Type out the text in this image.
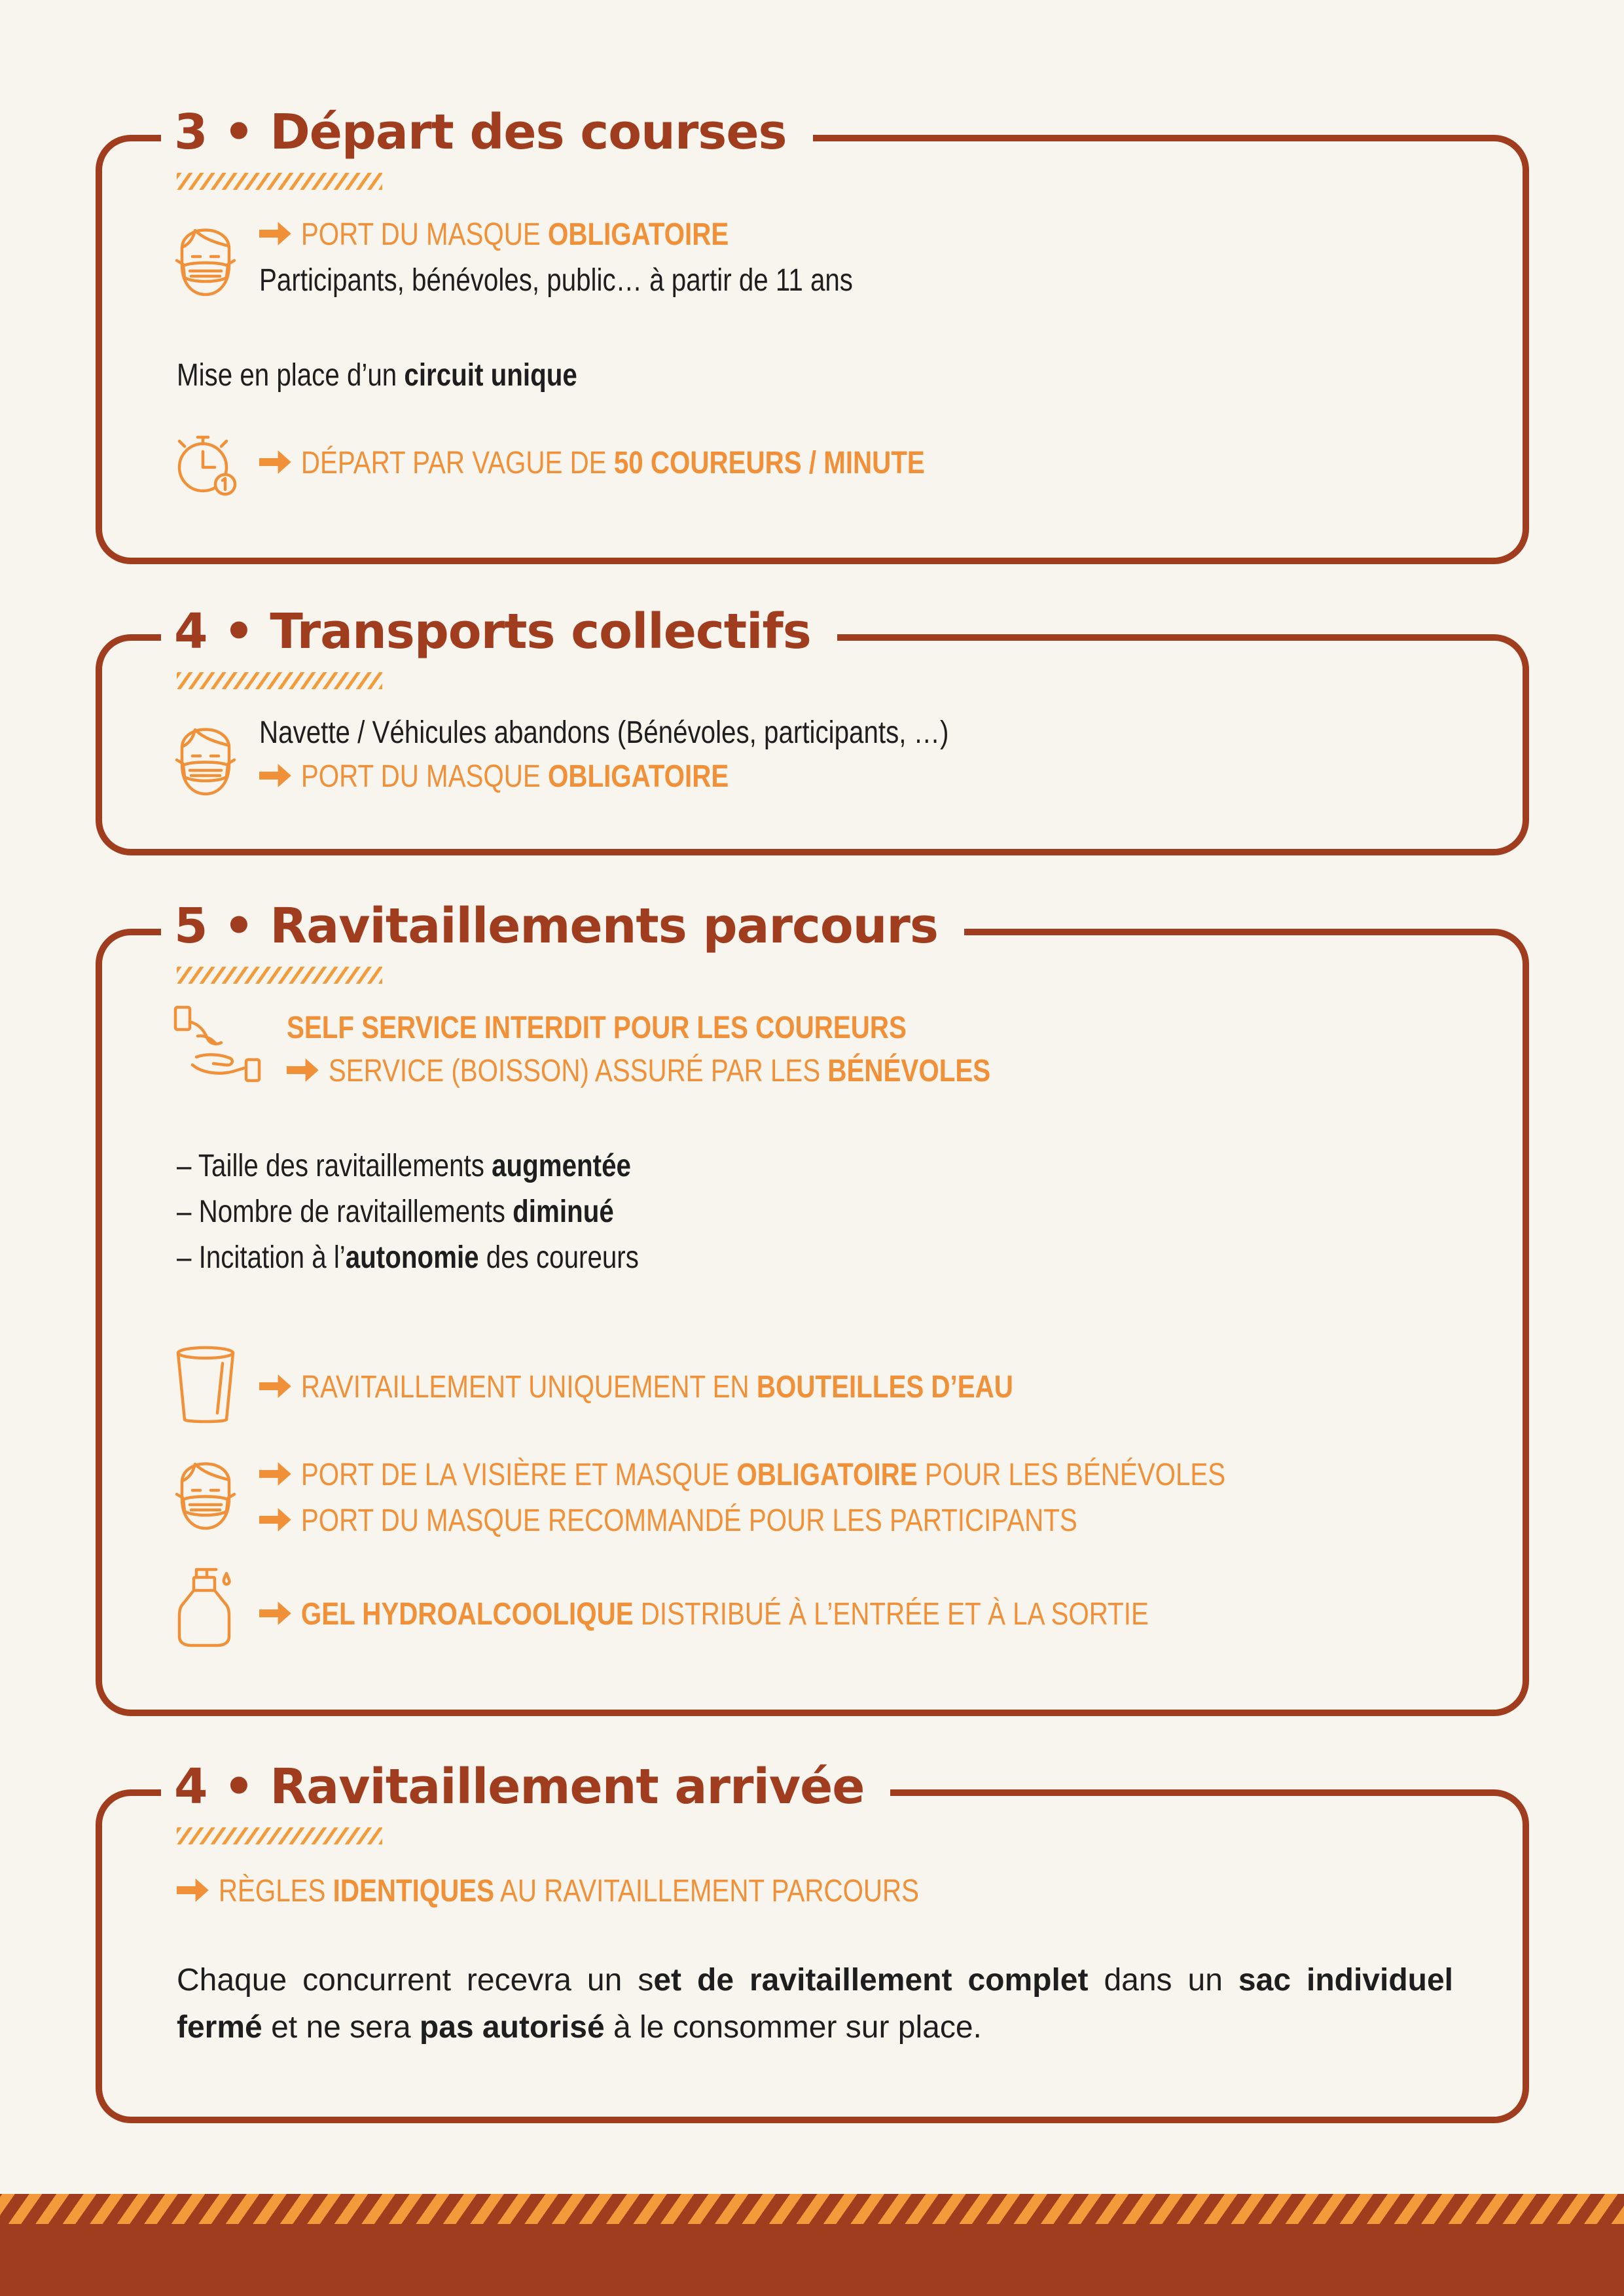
3 • Départ des courses
PORT DU MASQUE OBLIGATOIRE
Participants, bénévoles, public… à partir de 11 ans
Mise en place d’un circuit unique
DÉPART PAR VAGUE DE 50 COUREURS / MINUTE
4 • Transports collectifs
Navette / Véhicules abandons (Bénévoles, participants, …)
PORT DU MASQUE OBLIGATOIRE
5 • Ravitaillements parcours
SELF SERVICE INTERDIT POUR LES COUREURS
SERVICE (BOISSON) ASSURÉ PAR LES BÉNÉVOLES
– Taille des ravitaillements augmentée
– Nombre de ravitaillements diminué
– Incitation à l’autonomie des coureurs
RAVITAILLEMENT UNIQUEMENT EN BOUTEILLES D’EAU
PORT DE LA VISIÈRE ET MASQUE OBLIGATOIRE POUR LES BÉNÉVOLES
PORT DU MASQUE RECOMMANDÉ POUR LES PARTICIPANTS
GEL HYDROALCOOLIQUE DISTRIBUÉ À L’ENTRÉE ET À LA SORTIE
4 • Ravitaillement arrivée
RÈGLES IDENTIQUES AU RAVITAILLEMENT PARCOURS
Chaque concurrent recevra un set de ravitaillement complet dans un sac individuel fermé et ne sera pas autorisé à le consommer sur place.
